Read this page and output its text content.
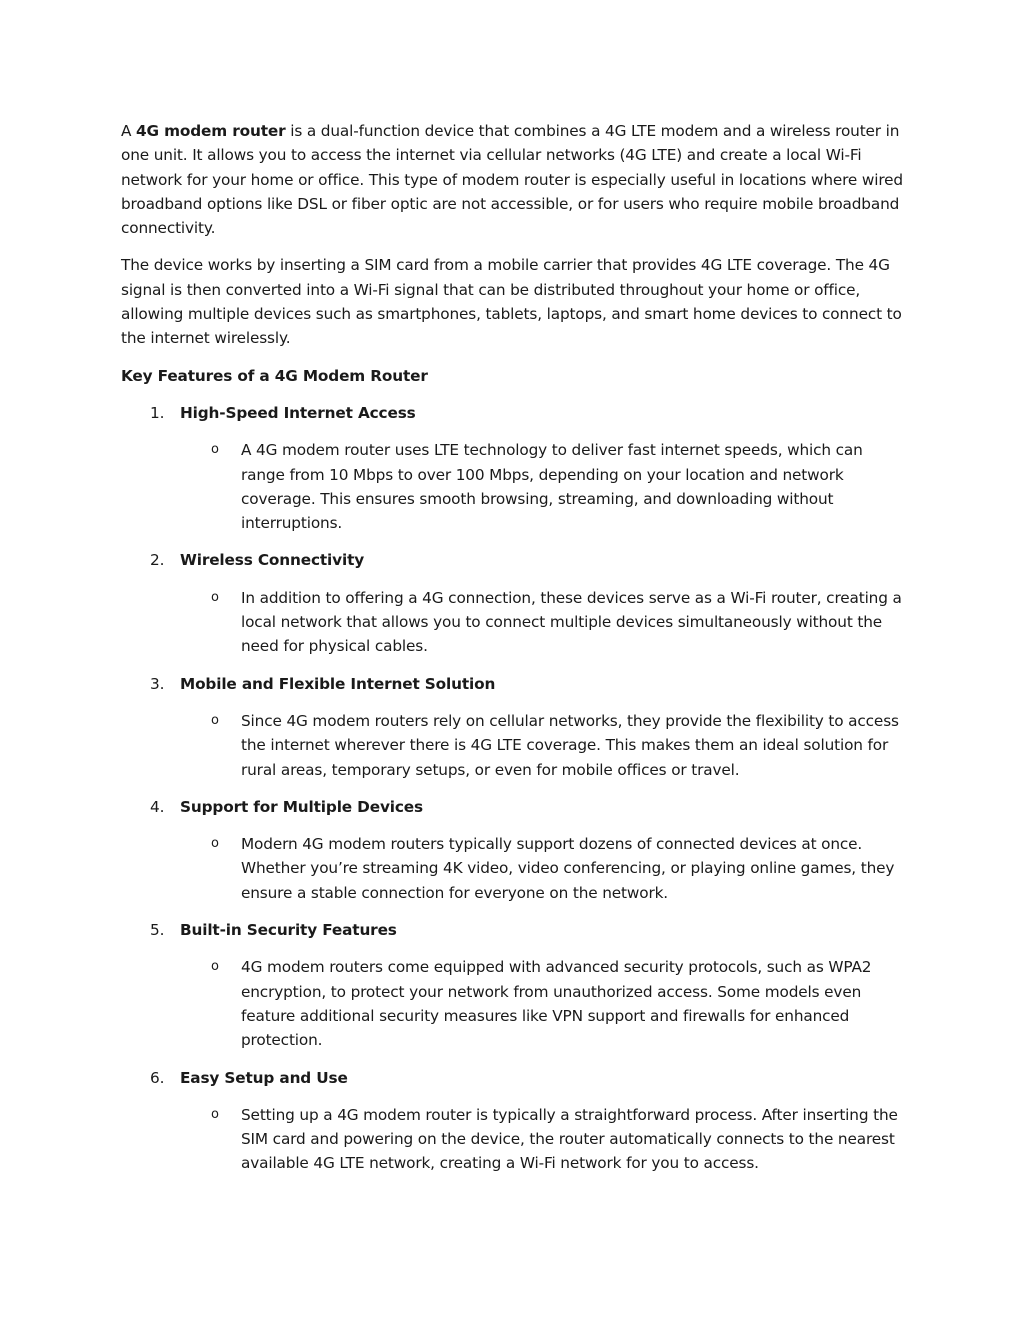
A 4G modem router is a dual-function device that combines a 4G LTE modem and a wireless router in one unit. It allows you to access the internet via cellular networks (4G LTE) and create a local Wi-Fi network for your home or office. This type of modem router is especially useful in locations where wired broadband options like DSL or fiber optic are not accessible, or for users who require mobile broadband connectivity.

The device works by inserting a SIM card from a mobile carrier that provides 4G LTE coverage. The 4G signal is then converted into a Wi-Fi signal that can be distributed throughout your home or office, allowing multiple devices such as smartphones, tablets, laptops, and smart home devices to connect to the internet wirelessly.

Key Features of a 4G Modem Router

1. High-Speed Internet Access
o A 4G modem router uses LTE technology to deliver fast internet speeds, which can range from 10 Mbps to over 100 Mbps, depending on your location and network coverage. This ensures smooth browsing, streaming, and downloading without interruptions.
2. Wireless Connectivity
o In addition to offering a 4G connection, these devices serve as a Wi-Fi router, creating a local network that allows you to connect multiple devices simultaneously without the need for physical cables.
3. Mobile and Flexible Internet Solution
o Since 4G modem routers rely on cellular networks, they provide the flexibility to access the internet wherever there is 4G LTE coverage. This makes them an ideal solution for rural areas, temporary setups, or even for mobile offices or travel.
4. Support for Multiple Devices
o Modern 4G modem routers typically support dozens of connected devices at once. Whether you’re streaming 4K video, video conferencing, or playing online games, they ensure a stable connection for everyone on the network.
5. Built-in Security Features
o 4G modem routers come equipped with advanced security protocols, such as WPA2 encryption, to protect your network from unauthorized access. Some models even feature additional security measures like VPN support and firewalls for enhanced protection.
6. Easy Setup and Use
o Setting up a 4G modem router is typically a straightforward process. After inserting the SIM card and powering on the device, the router automatically connects to the nearest available 4G LTE network, creating a Wi-Fi network for you to access.
